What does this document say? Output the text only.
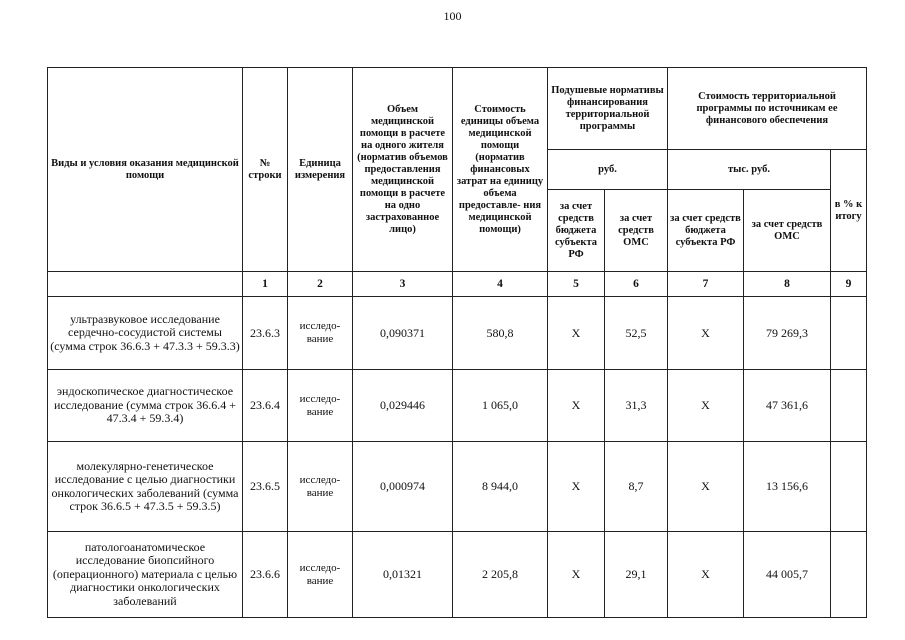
100
Виды и условия оказания медицинской помощи	№ строки	Единица измерения	Объем медицинской помощи в расчете на одного жителя (норматив объемов предоставления медицинской помощи в расчете на одно застрахованное лицо)	Стоимость единицы объема медицинской помощи (норматив финансовых затрат на единицу объема предоставле- ния медицинской помощи)	Подушевые нормативы финансирования территориальной программы		Стоимость территориальной программы по источникам ее финансового обеспечения		
					руб.		тыс. руб.		в % к итогу
					за счет средств бюджета субъекта РФ	за счет средств ОМС	за счет средств бюджета субъекта РФ	за счет средств ОМС	
	1	2	3	4	5	6	7	8	9
ультразвуковое исследование сердечно-сосудистой системы (сумма строк 36.6.3 + 47.3.3 + 59.3.3)	23.6.3	исследо- вание	0,090371	580,8	Х	52,5	Х	79 269,3	
эндоскопическое диагностическое исследование (сумма строк 36.6.4 + 47.3.4 + 59.3.4)	23.6.4	исследо- вание	0,029446	1 065,0	Х	31,3	Х	47 361,6	
молекулярно-генетическое исследование с целью диагностики онкологических заболеваний (сумма строк 36.6.5 + 47.3.5 + 59.3.5)	23.6.5	исследо- вание	0,000974	8 944,0	Х	8,7	Х	13 156,6	
патологоанатомическое исследование биопсийного (операционного) материала с целью диагностики онкологических заболеваний	23.6.6	исследо- вание	0,01321	2 205,8	Х	29,1	Х	44 005,7	
